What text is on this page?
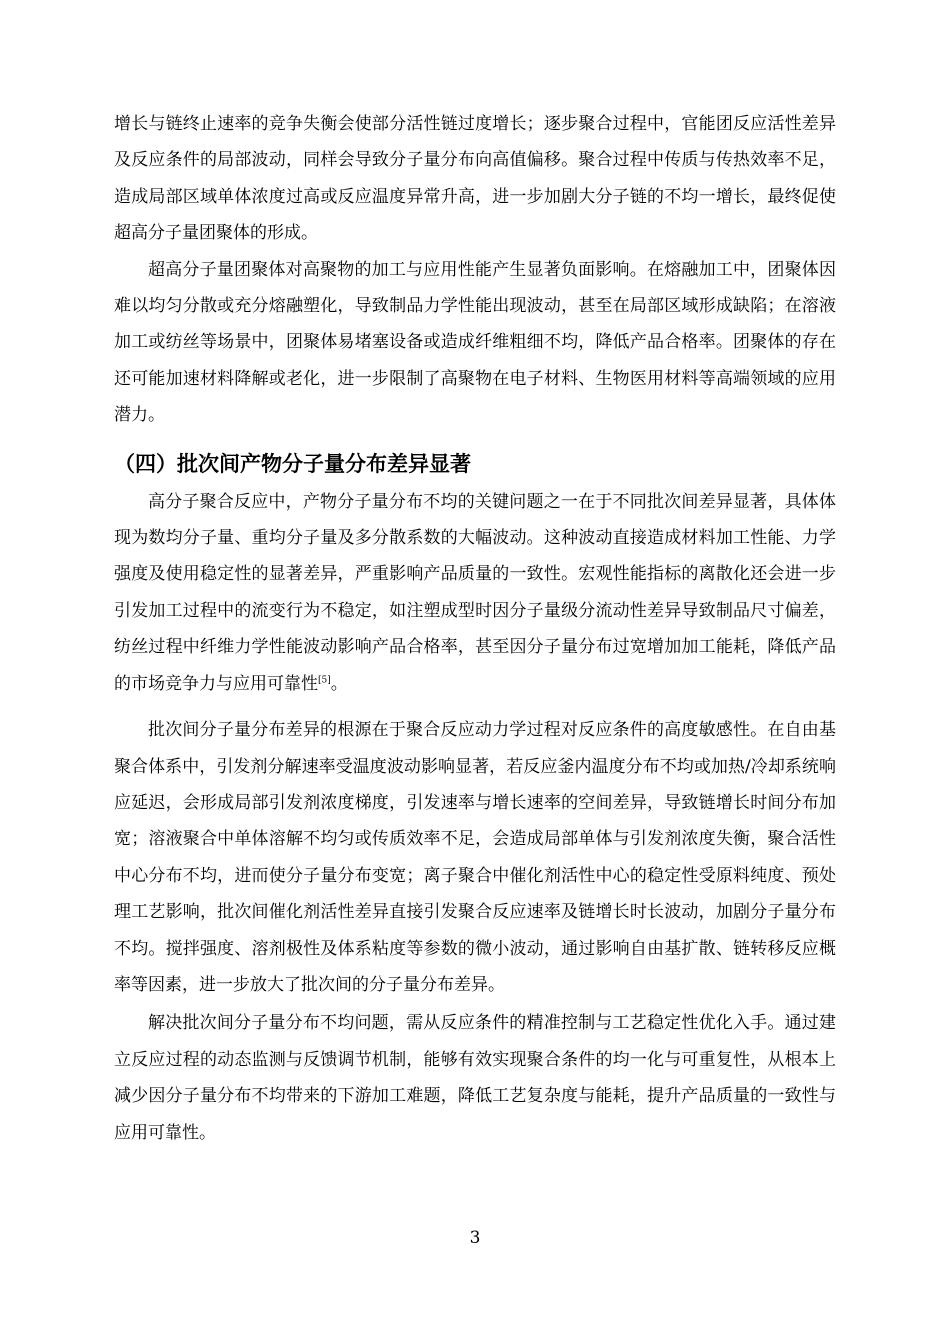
增长与链终止速率的竞争失衡会使部分活性链过度增长；逐步聚合过程中，官能团反应活性差异及反应条件的局部波动，同样会导致分子量分布向高值偏移。聚合过程中传质与传热效率不足，造成局部区域单体浓度过高或反应温度异常升高，进一步加剧大分子链的不均一增长，最终促使超高分子量团聚体的形成。

超高分子量团聚体对高聚物的加工与应用性能产生显著负面影响。在熔融加工中，团聚体因难以均匀分散或充分熔融塑化，导致制品力学性能出现波动，甚至在局部区域形成缺陷；在溶液加工或纺丝等场景中，团聚体易堵塞设备或造成纤维粗细不均，降低产品合格率。团聚体的存在还可能加速材料降解或老化，进一步限制了高聚物在电子材料、生物医用材料等高端领域的应用潜力。

（四）批次间产物分子量分布差异显著

高分子聚合反应中，产物分子量分布不均的关键问题之一在于不同批次间差异显著，具体体现为数均分子量、重均分子量及多分散系数的大幅波动。这种波动直接造成材料加工性能、力学强度及使用稳定性的显著差异，严重影响产品质量的一致性。宏观性能指标的离散化还会进一步引发加工过程中的流变行为不稳定，如注塑成型时因分子量级分流动性差异导致制品尺寸偏差，纺丝过程中纤维力学性能波动影响产品合格率，甚至因分子量分布过宽增加加工能耗，降低产品的市场竞争力与应用可靠性[5]。

批次间分子量分布差异的根源在于聚合反应动力学过程对反应条件的高度敏感性。在自由基聚合体系中，引发剂分解速率受温度波动影响显著，若反应釜内温度分布不均或加热/冷却系统响应延迟，会形成局部引发剂浓度梯度，引发速率与增长速率的空间差异，导致链增长时间分布加宽；溶液聚合中单体溶解不均匀或传质效率不足，会造成局部单体与引发剂浓度失衡，聚合活性中心分布不均，进而使分子量分布变宽；离子聚合中催化剂活性中心的稳定性受原料纯度、预处理工艺影响，批次间催化剂活性差异直接引发聚合反应速率及链增长时长波动，加剧分子量分布不均。搅拌强度、溶剂极性及体系粘度等参数的微小波动，通过影响自由基扩散、链转移反应概率等因素，进一步放大了批次间的分子量分布差异。

解决批次间分子量分布不均问题，需从反应条件的精准控制与工艺稳定性优化入手。通过建立反应过程的动态监测与反馈调节机制，能够有效实现聚合条件的均一化与可重复性，从根本上减少因分子量分布不均带来的下游加工难题，降低工艺复杂度与能耗，提升产品质量的一致性与应用可靠性。

3
